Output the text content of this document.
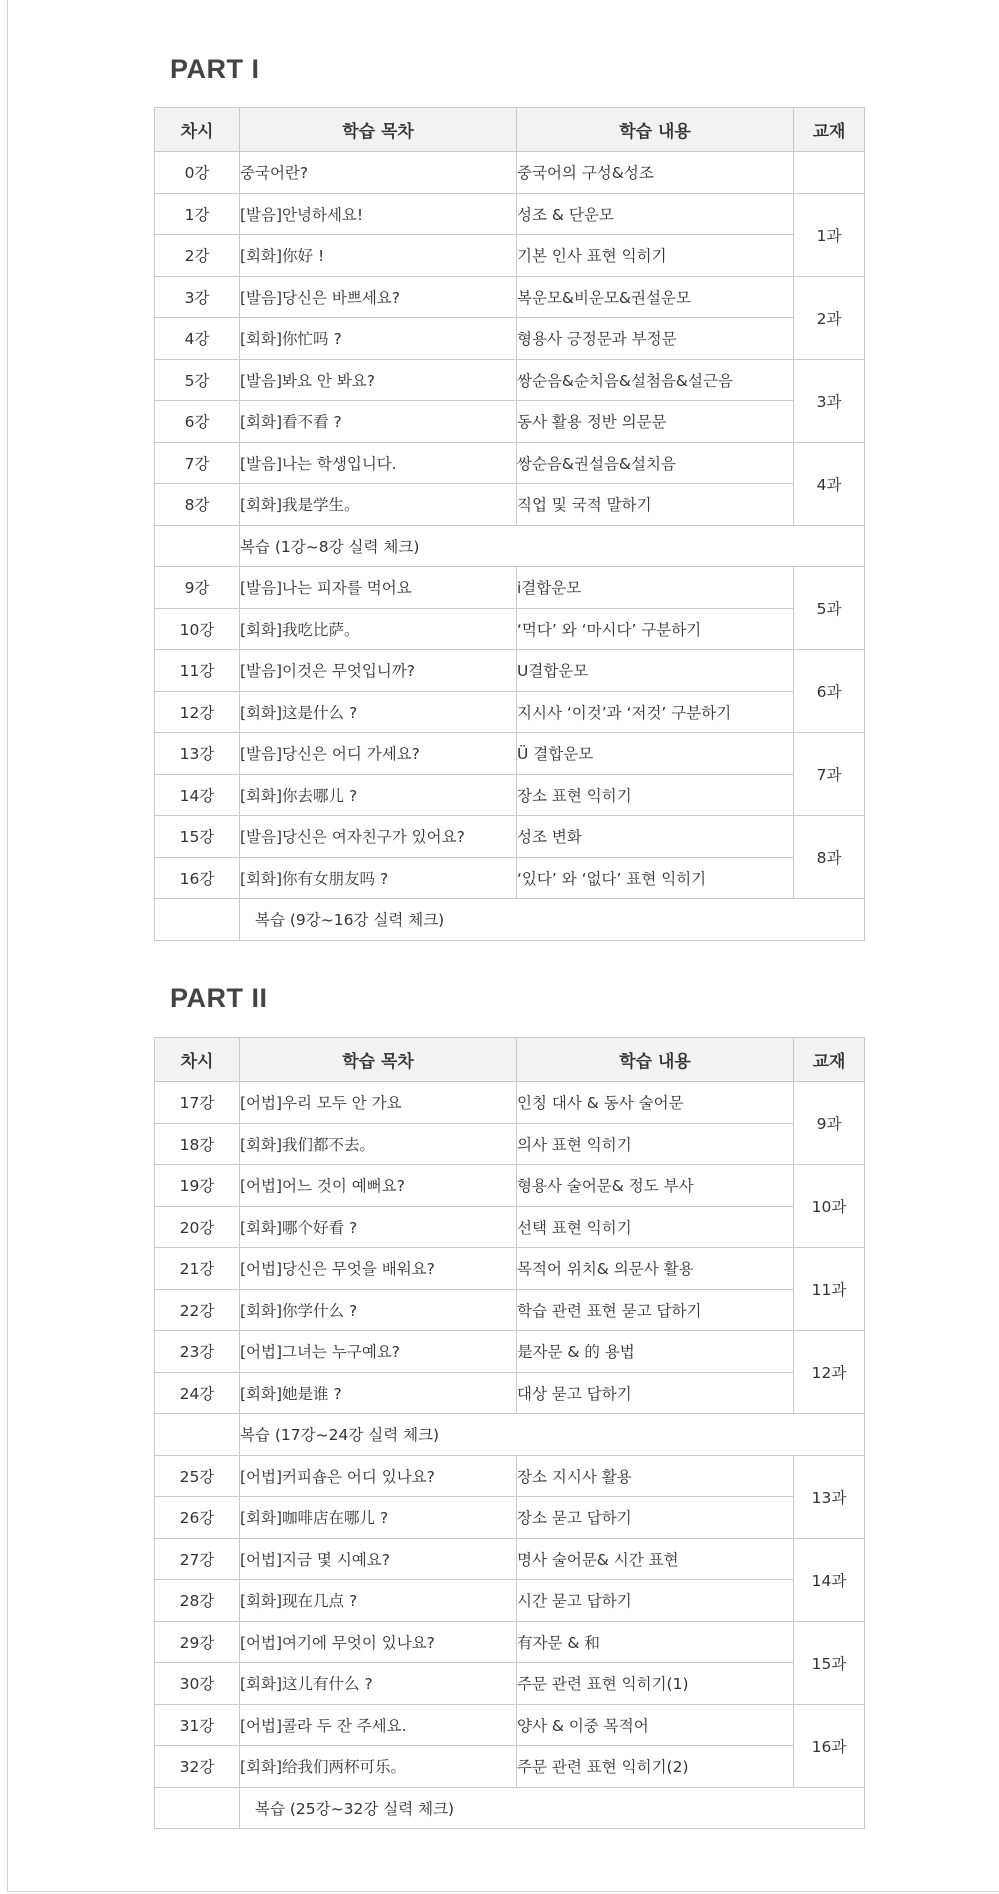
PART I
차시	학습 목차	학습 내용	교재
0강	중국어란?	중국어의 구성&성조	
1강	[발음]안녕하세요!	성조 & 단운모	1과
2강	[회화]你好 !	기본 인사 표현 익히기	
3강	[발음]당신은 바쁘세요?	복운모&비운모&권설운모	2과
4강	[회화]你忙吗 ?	형용사 긍정문과 부정문	
5강	[발음]봐요 안 봐요?	쌍순음&순치음&설첨음&설근음	3과
6강	[회화]看不看 ?	동사 활용 정반 의문문	
7강	[발음]나는 학생입니다.	쌍순음&권설음&설치음	4과
8강	[회화]我是学生。	직업 및 국적 말하기	
	복습 (1강~8강 실력 체크)		
9강	[발음]나는 피자를 먹어요	i결합운모	5과
10강	[회화]我吃比萨。	‘먹다’ 와 ‘마시다’ 구분하기	
11강	[발음]이것은 무엇입니까?	U결합운모	6과
12강	[회화]这是什么 ?	지시사 ‘이것’과 ‘저것’ 구분하기	
13강	[발음]당신은 어디 가세요?	Ü 결합운모	7과
14강	[회화]你去哪儿 ?	장소 표현 익히기	
15강	[발음]당신은 여자친구가 있어요?	성조 변화	8과
16강	[회화]你有女朋友吗 ?	‘있다’ 와 ‘없다’ 표현 익히기	
	복습 (9강~16강 실력 체크)		
PART II
차시	학습 목차	학습 내용	교재
17강	[어법]우리 모두 안 가요	인칭 대사 & 동사 술어문	9과
18강	[회화]我们都不去。	의사 표현 익히기	
19강	[어법]어느 것이 예뻐요?	형용사 술어문& 정도 부사	10과
20강	[회화]哪个好看 ?	선택 표현 익히기	
21강	[어법]당신은 무엇을 배워요?	목적어 위치& 의문사 활용	11과
22강	[회화]你学什么 ?	학습 관련 표현 묻고 답하기	
23강	[어법]그녀는 누구예요?	是자문 & 的 용법	12과
24강	[회화]她是谁 ?	대상 묻고 답하기	
	복습 (17강~24강 실력 체크)		
25강	[어법]커피숍은 어디 있나요?	장소 지시사 활용	13과
26강	[회화]咖啡店在哪儿 ?	장소 묻고 답하기	
27강	[어법]지금 몇 시예요?	명사 술어문& 시간 표현	14과
28강	[회화]现在几点 ?	시간 묻고 답하기	
29강	[어법]여기에 무엇이 있나요?	有자문 & 和	15과
30강	[회화]这儿有什么 ?	주문 관련 표현 익히기(1)	
31강	[어법]콜라 두 잔 주세요.	양사 & 이중 목적어	16과
32강	[회화]给我们两杯可乐。	주문 관련 표현 익히기(2)	
	복습 (25강~32강 실력 체크)		
